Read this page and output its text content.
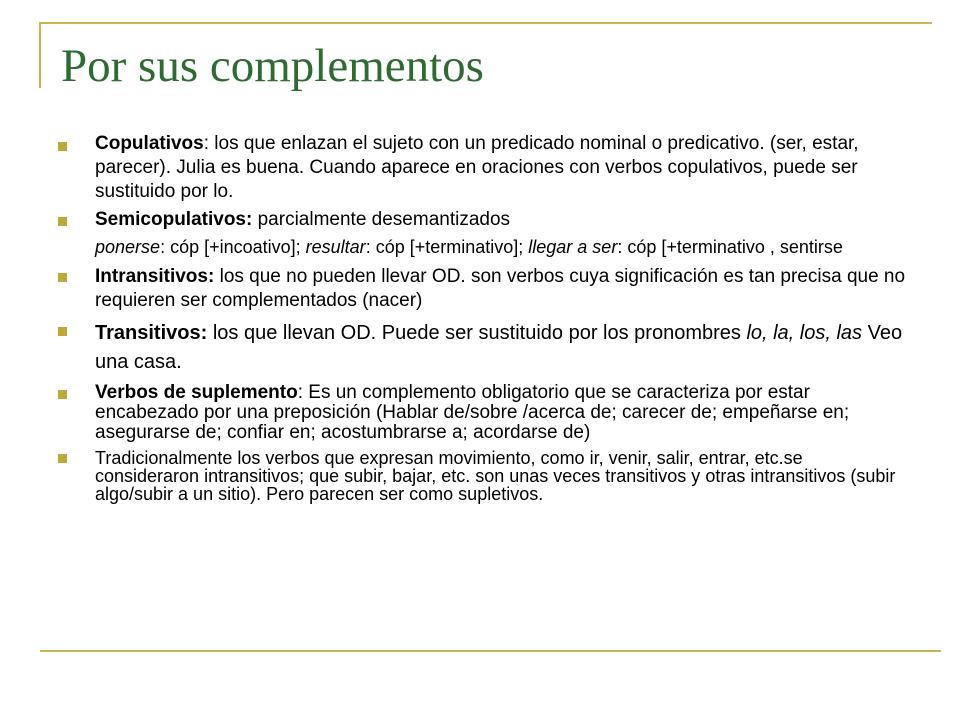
Por sus complementos
Copulativos: los que enlazan el sujeto con un predicado nominal o predicativo. (ser, estar, parecer). Julia es buena. Cuando aparece en oraciones con verbos copulativos, puede ser sustituido por lo.
Semicopulativos: parcialmente desemantizados
ponerse: cóp [+incoativo]; resultar: cóp [+terminativo]; llegar a ser: cóp [+terminativo , sentirse
Intransitivos: los que no pueden llevar OD. son verbos cuya significación es tan precisa que no requieren ser complementados (nacer)
Transitivos: los que llevan OD. Puede ser sustituido por los pronombres lo, la, los, las Veo una casa.
Verbos de suplemento: Es un complemento obligatorio que se caracteriza por estar encabezado por una preposición (Hablar de/sobre /acerca de; carecer de; empeñarse en; asegurarse de; confiar en; acostumbrarse a; acordarse de)
Tradicionalmente los verbos que expresan movimiento, como ir, venir, salir, entrar, etc.se consideraron intransitivos; que subir, bajar, etc. son unas veces transitivos y otras intransitivos (subir algo/subir a un sitio). Pero parecen ser como supletivos.
